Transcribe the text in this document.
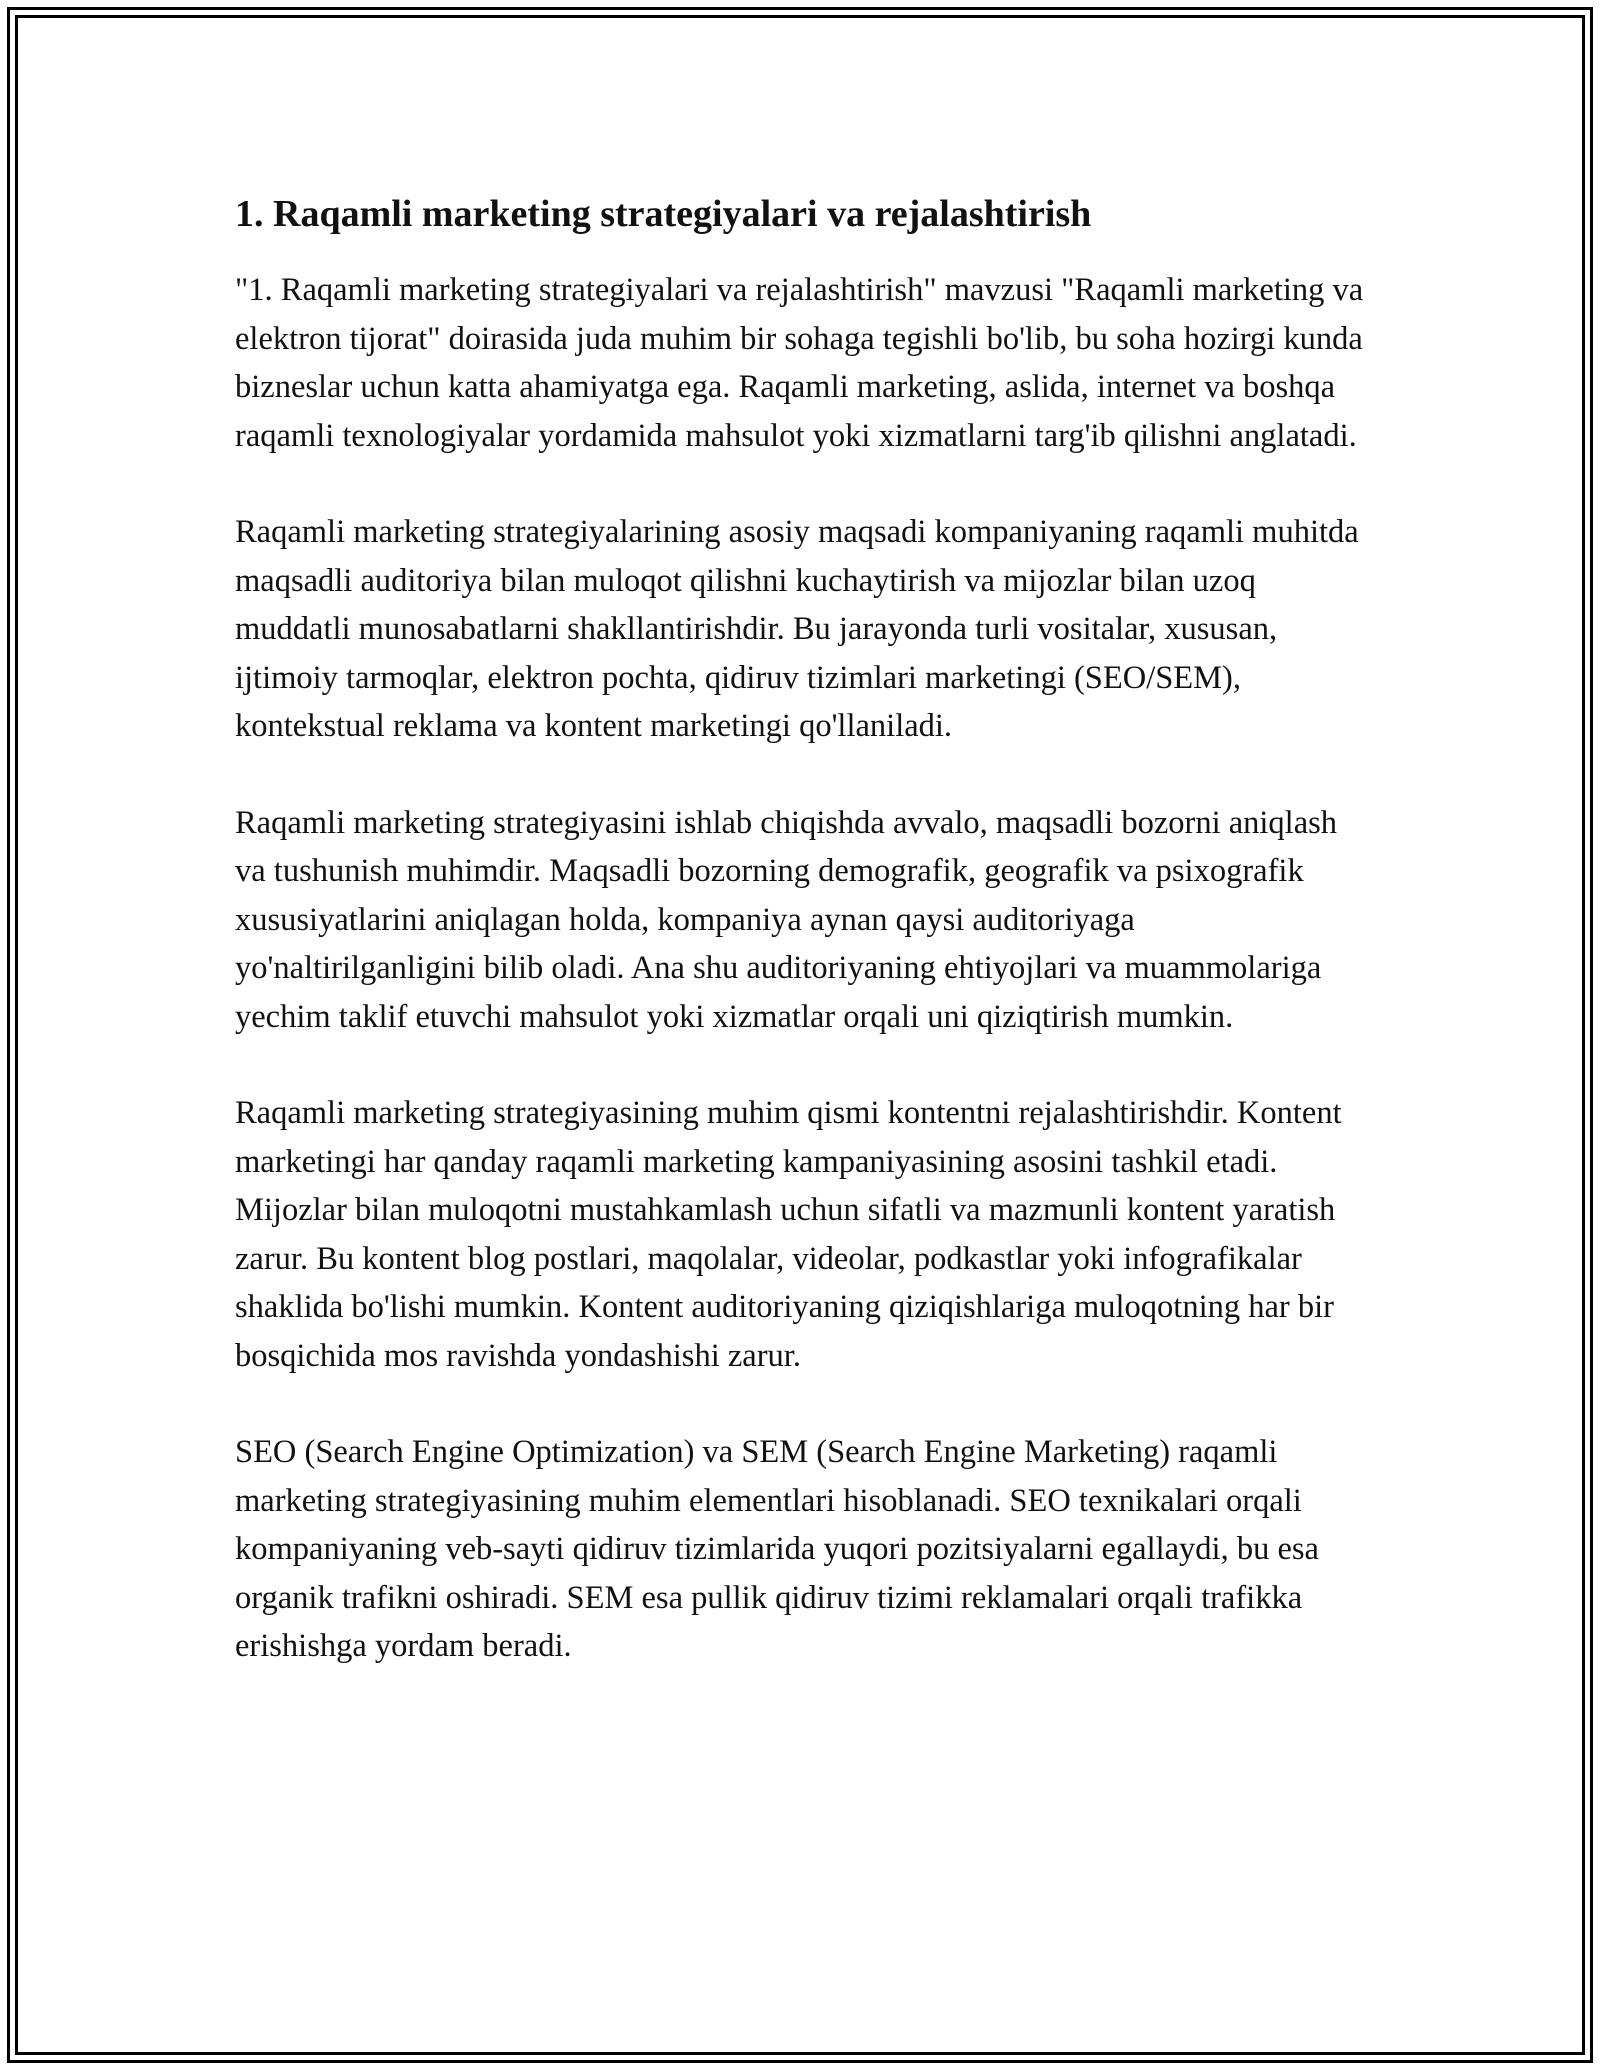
1. Raqamli marketing strategiyalari va rejalashtirish

"1. Raqamli marketing strategiyalari va rejalashtirish" mavzusi "Raqamli marketing va elektron tijorat" doirasida juda muhim bir sohaga tegishli bo'lib, bu soha hozirgi kunda bizneslar uchun katta ahamiyatga ega. Raqamli marketing, aslida, internet va boshqa raqamli texnologiyalar yordamida mahsulot yoki xizmatlarni targ'ib qilishni anglatadi.

Raqamli marketing strategiyalarining asosiy maqsadi kompaniyaning raqamli muhitda maqsadli auditoriya bilan muloqot qilishni kuchaytirish va mijozlar bilan uzoq muddatli munosabatlarni shakllantirishdir. Bu jarayonda turli vositalar, xususan, ijtimoiy tarmoqlar, elektron pochta, qidiruv tizimlari marketingi (SEO/SEM), kontekstual reklama va kontent marketingi qo'llaniladi.

Raqamli marketing strategiyasini ishlab chiqishda avvalo, maqsadli bozorni aniqlash va tushunish muhimdir. Maqsadli bozorning demografik, geografik va psixografik xususiyatlarini aniqlagan holda, kompaniya aynan qaysi auditoriyaga yo'naltirilganligini bilib oladi. Ana shu auditoriyaning ehtiyojlari va muammolariga yechim taklif etuvchi mahsulot yoki xizmatlar orqali uni qiziqtirish mumkin.

Raqamli marketing strategiyasining muhim qismi kontentni rejalashtirishdir. Kontent marketingi har qanday raqamli marketing kampaniyasining asosini tashkil etadi. Mijozlar bilan muloqotni mustahkamlash uchun sifatli va mazmunli kontent yaratish zarur. Bu kontent blog postlari, maqolalar, videolar, podkastlar yoki infografikalar shaklida bo'lishi mumkin. Kontent auditoriyaning qiziqishlariga muloqotning har bir bosqichida mos ravishda yondashishi zarur.

SEO (Search Engine Optimization) va SEM (Search Engine Marketing) raqamli marketing strategiyasining muhim elementlari hisoblanadi. SEO texnikalari orqali kompaniyaning veb-sayti qidiruv tizimlarida yuqori pozitsiyalarni egallaydi, bu esa organik trafikni oshiradi. SEM esa pullik qidiruv tizimi reklamalari orqali trafikka erishishga yordam beradi.
